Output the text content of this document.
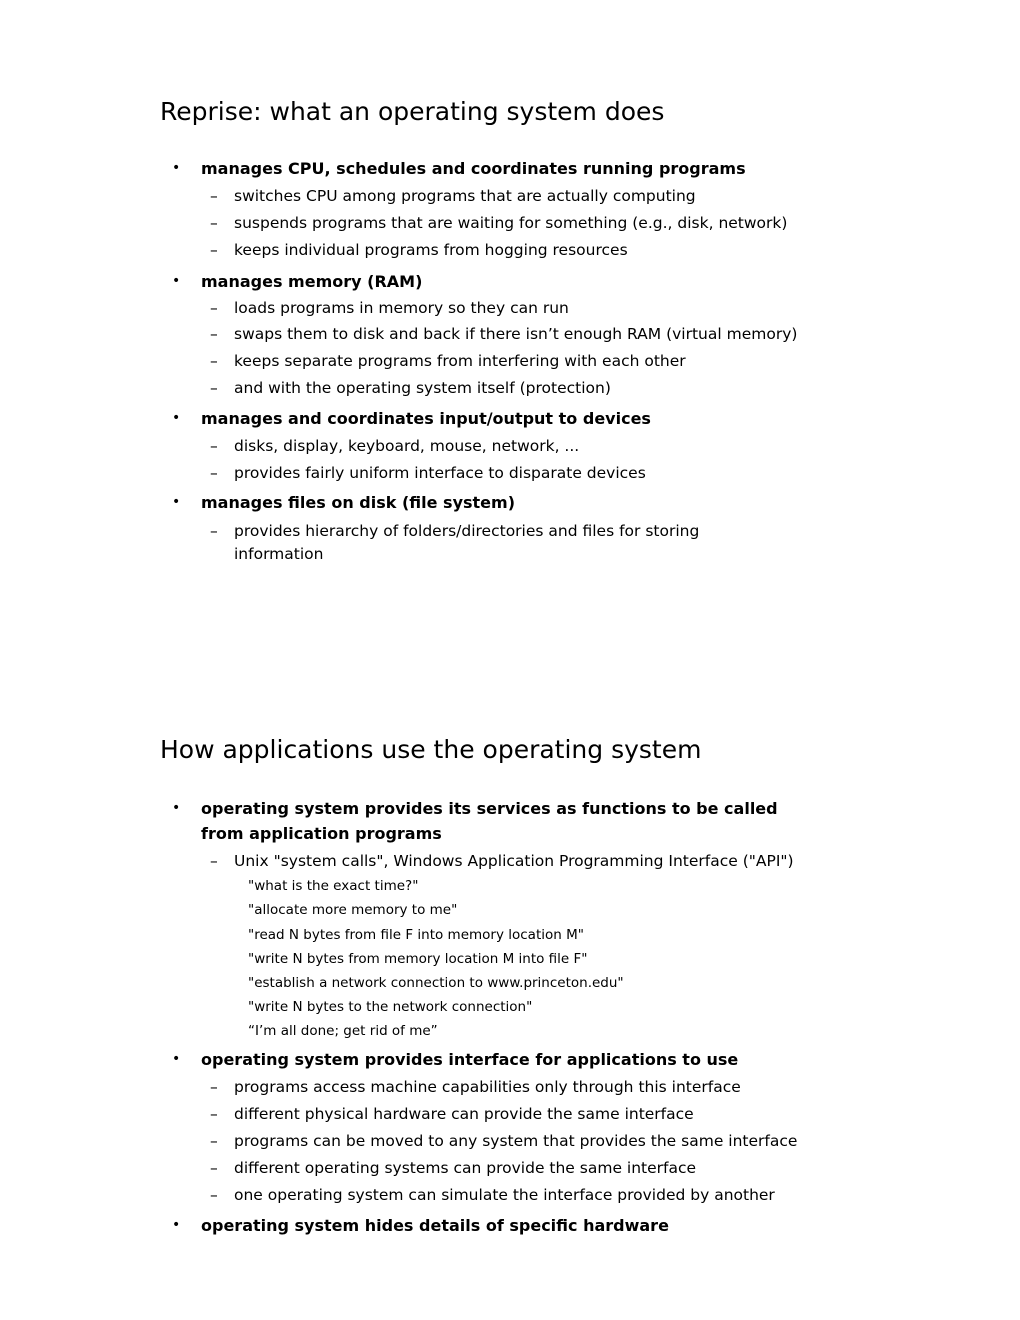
Reprise: what an operating system does
• manages CPU, schedules and coordinates running programs
– switches CPU among programs that are actually computing
– suspends programs that are waiting for something (e.g., disk, network)
– keeps individual programs from hogging resources
• manages memory (RAM)
– loads programs in memory so they can run
– swaps them to disk and back if there isn’t enough RAM (virtual memory)
– keeps separate programs from interfering with each other
– and with the operating system itself (protection)
• manages and coordinates input/output to devices
– disks, display, keyboard, mouse, network, ...
– provides fairly uniform interface to disparate devices
• manages files on disk (file system)
– provides hierarchy of folders/directories and files for storing
information
How applications use the operating system
• operating system provides its services as functions to be called
from application programs
– Unix "system calls", Windows Application Programming Interface ("API")
"what is the exact time?"
"allocate more memory to me"
"read N bytes from file F into memory location M"
"write N bytes from memory location M into file F"
"establish a network connection to www.princeton.edu"
"write N bytes to the network connection"
“I’m all done; get rid of me”
• operating system provides interface for applications to use
– programs access machine capabilities only through this interface
– different physical hardware can provide the same interface
– programs can be moved to any system that provides the same interface
– different operating systems can provide the same interface
– one operating system can simulate the interface provided by another
• operating system hides details of specific hardware
